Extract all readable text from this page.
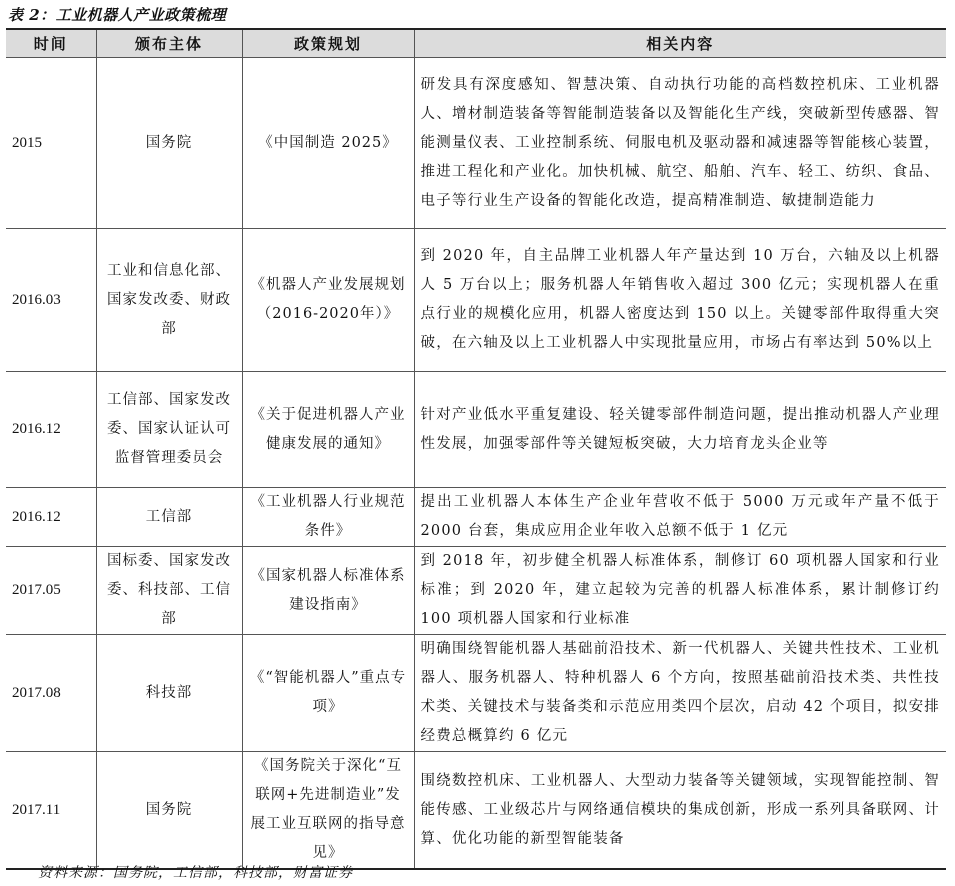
表 2：工业机器人产业政策梳理
时间	颁布主体	政策规划	相关内容
2015	国务院	《中国制造 2025》	研发具有深度感知、智慧决策、自动执行功能的高档数控机床、工业机器人、增材制造装备等智能制造装备以及智能化生产线，突破新型传感器、智能测量仪表、工业控制系统、伺服电机及驱动器和减速器等智能核心装置，推进工程化和产业化。加快机械、航空、船舶、汽车、轻工、纺织、食品、电子等行业生产设备的智能化改造，提高精准制造、敏捷制造能力
2016.03	工业和信息化部、国家发改委、财政部	《机器人产业发展规划（2016-2020年）》	到 2020 年，自主品牌工业机器人年产量达到 10 万台，六轴及以上机器人 5 万台以上；服务机器人年销售收入超过 300 亿元；实现机器人在重点行业的规模化应用，机器人密度达到 150 以上。关键零部件取得重大突破，在六轴及以上工业机器人中实现批量应用，市场占有率达到 50%以上
2016.12	工信部、国家发改委、国家认证认可监督管理委员会	《关于促进机器人产业健康发展的通知》	针对产业低水平重复建设、轻关键零部件制造问题，提出推动机器人产业理性发展，加强零部件等关键短板突破，大力培育龙头企业等
2016.12	工信部	《工业机器人行业规范条件》	提出工业机器人本体生产企业年营收不低于 5000 万元或年产量不低于 2000 台套，集成应用企业年收入总额不低于 1 亿元
2017.05	国标委、国家发改委、科技部、工信部	《国家机器人标准体系建设指南》	到 2018 年，初步健全机器人标准体系，制修订 60 项机器人国家和行业标准；到 2020 年，建立起较为完善的机器人标准体系，累计制修订约 100 项机器人国家和行业标准
2017.08	科技部	《“智能机器人”重点专项》	明确围绕智能机器人基础前沿技术、新一代机器人、关键共性技术、工业机器人、服务机器人、特种机器人 6 个方向，按照基础前沿技术类、共性技术类、关键技术与装备类和示范应用类四个层次，启动 42 个项目，拟安排经费总概算约 6 亿元
2017.11	国务院	《国务院关于深化“互联网+先进制造业”发展工业互联网的指导意见》	围绕数控机床、工业机器人、大型动力装备等关键领域，实现智能控制、智能传感、工业级芯片与网络通信模块的集成创新，形成一系列具备联网、计算、优化功能的新型智能装备
资料来源：国务院，工信部，科技部，财富证券
